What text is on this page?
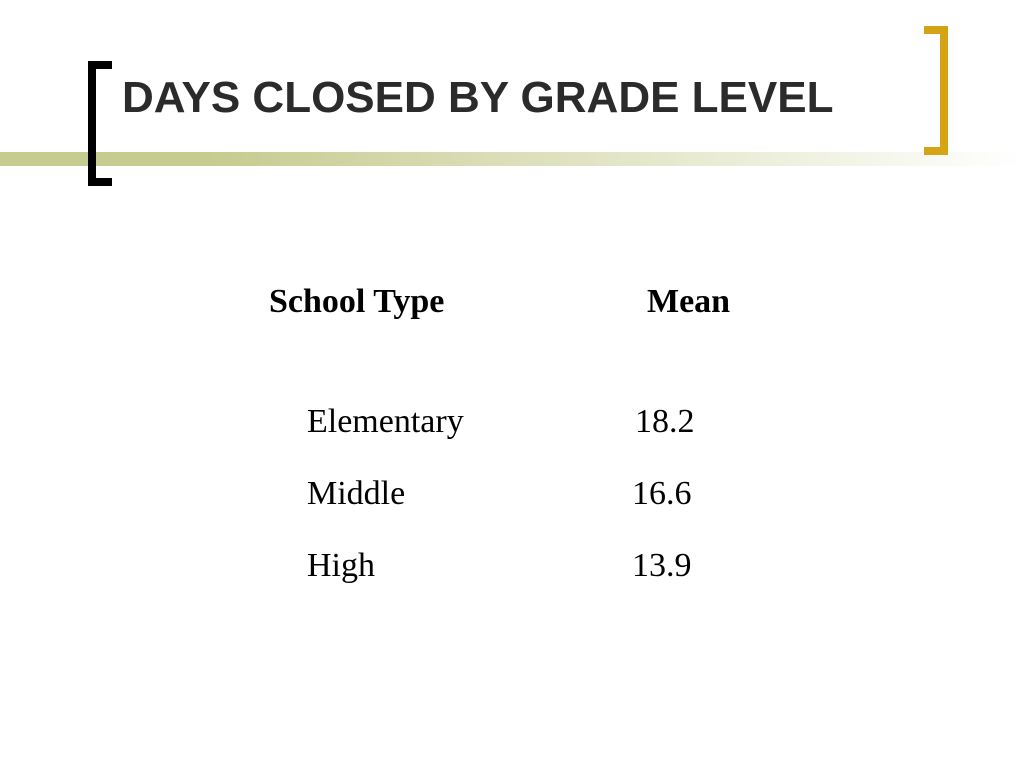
DAYS CLOSED BY GRADE LEVEL
School Type	Mean
Elementary	18.2
Middle	16.6
High	13.9
